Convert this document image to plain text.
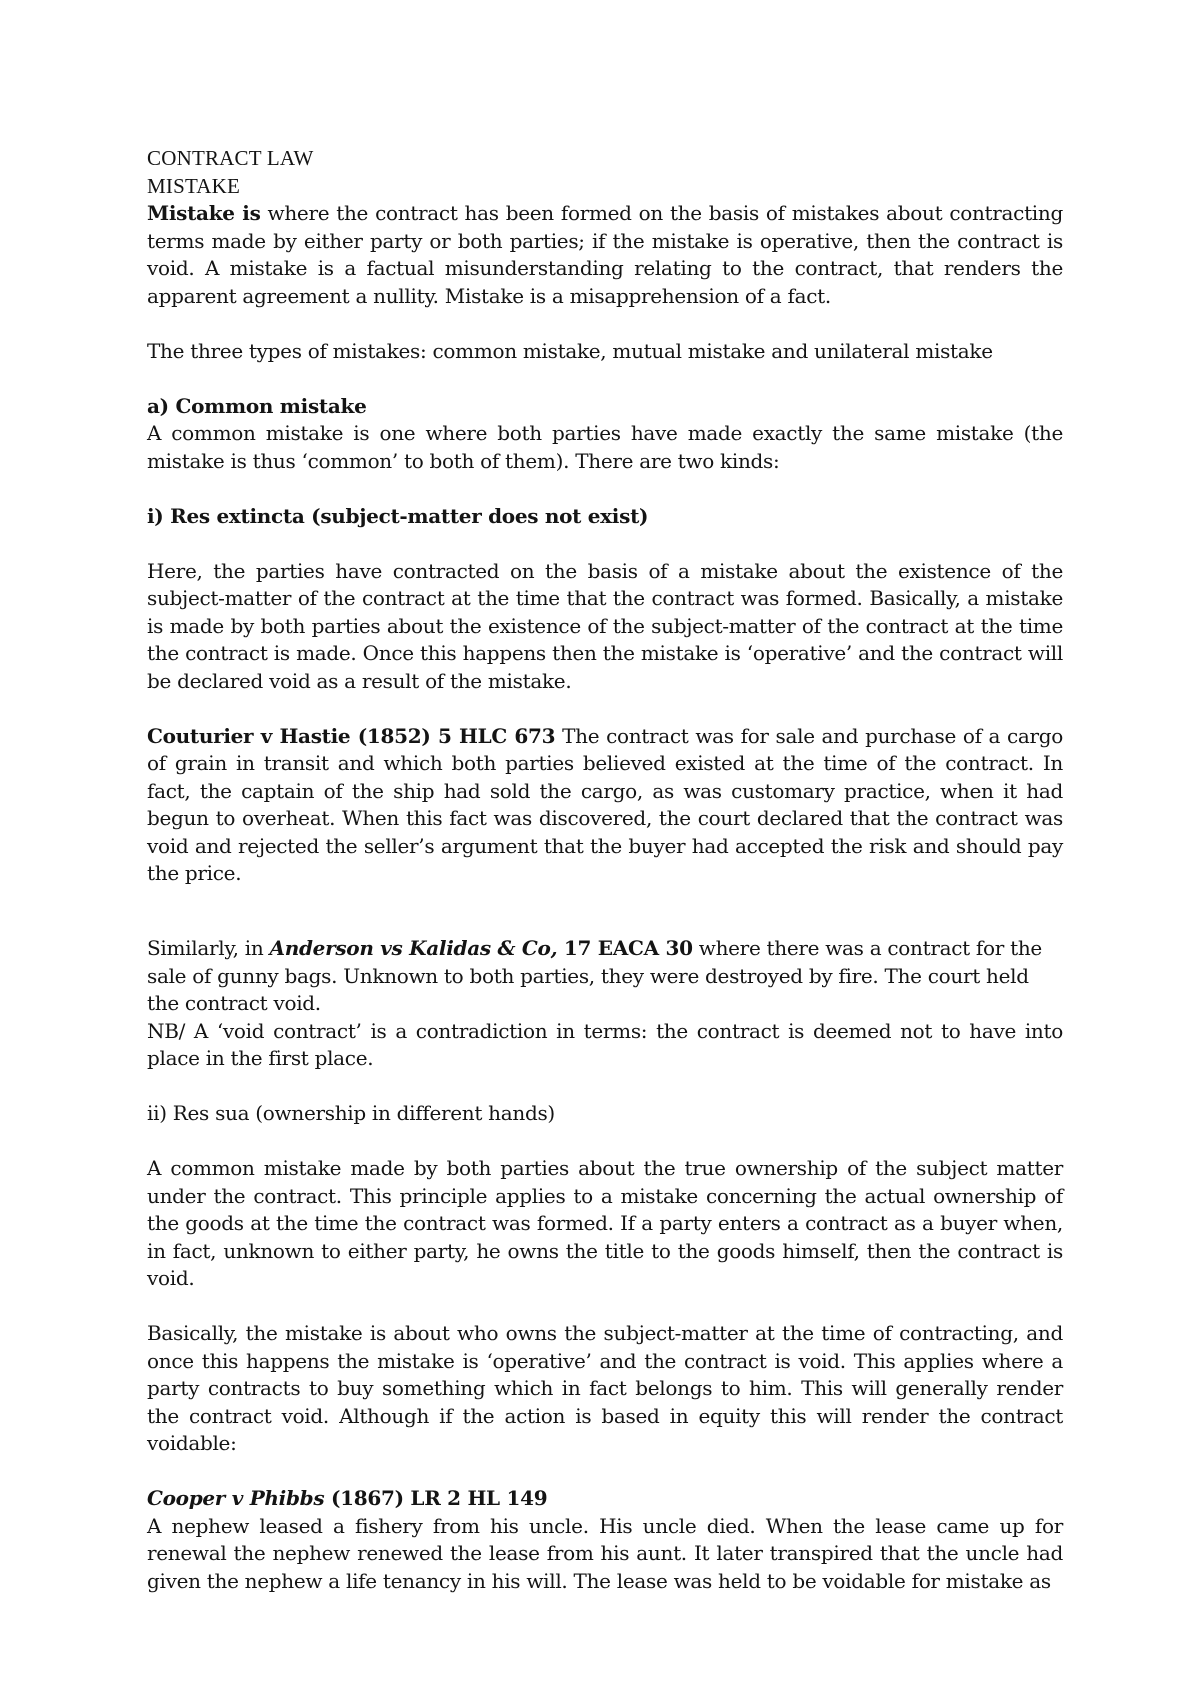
CONTRACT LAW

MISTAKE

Mistake is where the contract has been formed on the basis of mistakes about contracting terms made by either party or both parties; if the mistake is operative, then the contract is void. A mistake is a factual misunderstanding relating to the contract, that renders the apparent agreement a nullity. Mistake is a misapprehension of a fact.

The three types of mistakes: common mistake, mutual mistake and unilateral mistake

a) Common mistake

A common mistake is one where both parties have made exactly the same mistake (the mistake is thus ‘common’ to both of them). There are two kinds:

i) Res extincta (subject-matter does not exist)

Here, the parties have contracted on the basis of a mistake about the existence of the subject-matter of the contract at the time that the contract was formed. Basically, a mistake is made by both parties about the existence of the subject-matter of the contract at the time the contract is made. Once this happens then the mistake is ‘operative’ and the contract will be declared void as a result of the mistake.

Couturier v Hastie (1852) 5 HLC 673 The contract was for sale and purchase of a cargo of grain in transit and which both parties believed existed at the time of the contract. In fact, the captain of the ship had sold the cargo, as was customary practice, when it had begun to overheat. When this fact was discovered, the court declared that the contract was void and rejected the seller’s argument that the buyer had accepted the risk and should pay the price.

Similarly, in Anderson vs Kalidas & Co, 17 EACA 30 where there was a contract for the sale of gunny bags. Unknown to both parties, they were destroyed by fire. The court held the contract void.

NB/ A ‘void contract’ is a contradiction in terms: the contract is deemed not to have into place in the first place.

ii) Res sua (ownership in different hands)

A common mistake made by both parties about the true ownership of the subject matter under the contract. This principle applies to a mistake concerning the actual ownership of the goods at the time the contract was formed. If a party enters a contract as a buyer when, in fact, unknown to either party, he owns the title to the goods himself, then the contract is void.

Basically, the mistake is about who owns the subject-matter at the time of contracting, and once this happens the mistake is ‘operative’ and the contract is void. This applies where a party contracts to buy something which in fact belongs to him. This will generally render the contract void. Although if the action is based in equity this will render the contract voidable:

Cooper v Phibbs (1867) LR 2 HL 149

A nephew leased a fishery from his uncle. His uncle died. When the lease came up for renewal the nephew renewed the lease from his aunt. It later transpired that the uncle had given the nephew a life tenancy in his will. The lease was held to be voidable for mistake as
